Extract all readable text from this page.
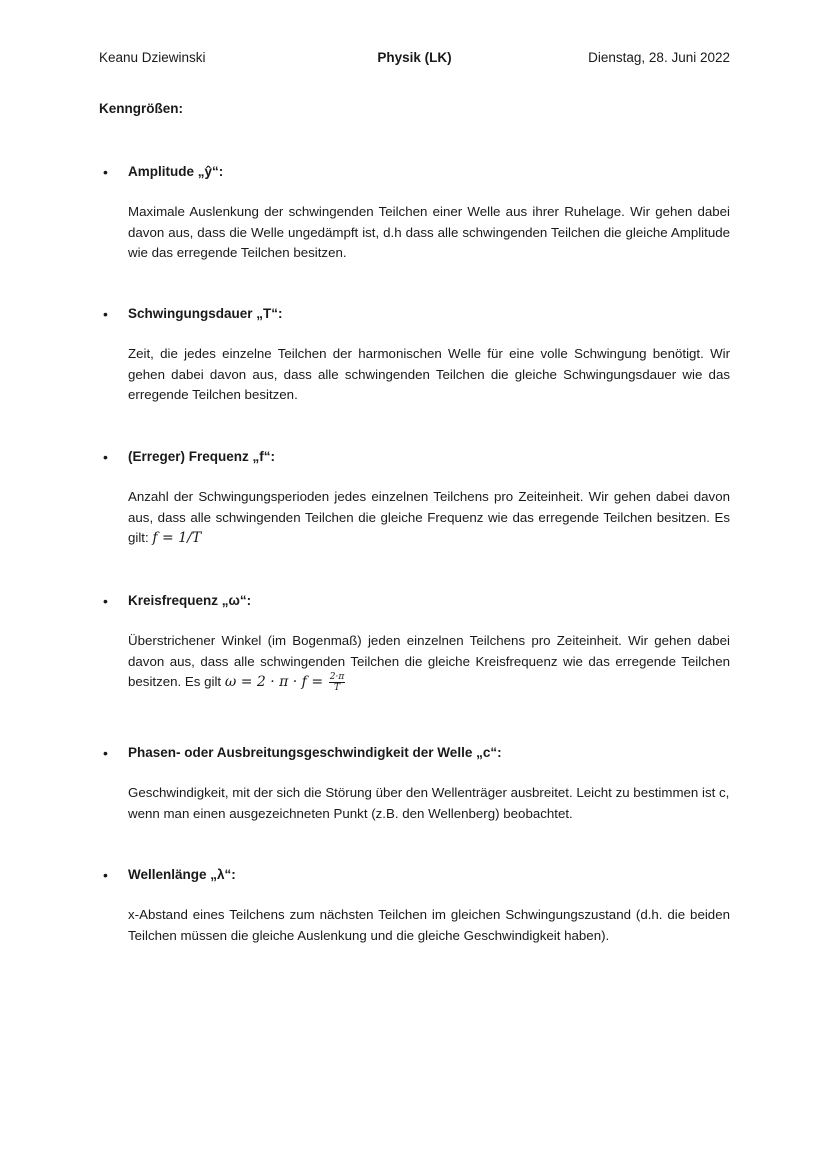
Keanu Dziewinski	Physik (LK)	Dienstag, 28. Juni 2022
Kenngrößen:
• Amplitude „ŷ“:
Maximale Auslenkung der schwingenden Teilchen einer Welle aus ihrer Ruhelage. Wir gehen dabei davon aus, dass die Welle ungedämpft ist, d.h dass alle schwingenden Teilchen die gleiche Amplitude wie das erregende Teilchen besitzen.
• Schwingungsdauer „T“:
Zeit, die jedes einzelne Teilchen der harmonischen Welle für eine volle Schwingung benötigt. Wir gehen dabei davon aus, dass alle schwingenden Teilchen die gleiche Schwingungsdauer wie das erregende Teilchen besitzen.
• (Erreger) Frequenz „f“:
Anzahl der Schwingungsperioden jedes einzelnen Teilchens pro Zeiteinheit. Wir gehen dabei davon aus, dass alle schwingenden Teilchen die gleiche Frequenz wie das erregende Teilchen besitzen. Es gilt: f = 1/T
• Kreisfrequenz „ω“:
Überstrichener Winkel (im Bogenmaß) jeden einzelnen Teilchens pro Zeiteinheit. Wir gehen dabei davon aus, dass alle schwingenden Teilchen die gleiche Kreisfrequenz wie das erregende Teilchen besitzen. Es gilt $\omega = 2 \cdot \pi \cdot f = \frac{2\cdot\pi}{T}$
• Phasen- oder Ausbreitungsgeschwindigkeit der Welle „c“:
Geschwindigkeit, mit der sich die Störung über den Wellenträger ausbreitet. Leicht zu bestimmen ist c, wenn man einen ausgezeichneten Punkt (z.B. den Wellenberg) beobachtet.
• Wellenlänge „λ“:
x-Abstand eines Teilchens zum nächsten Teilchen im gleichen Schwingungszustand (d.h. die beiden Teilchen müssen die gleiche Auslenkung und die gleiche Geschwindigkeit haben).
